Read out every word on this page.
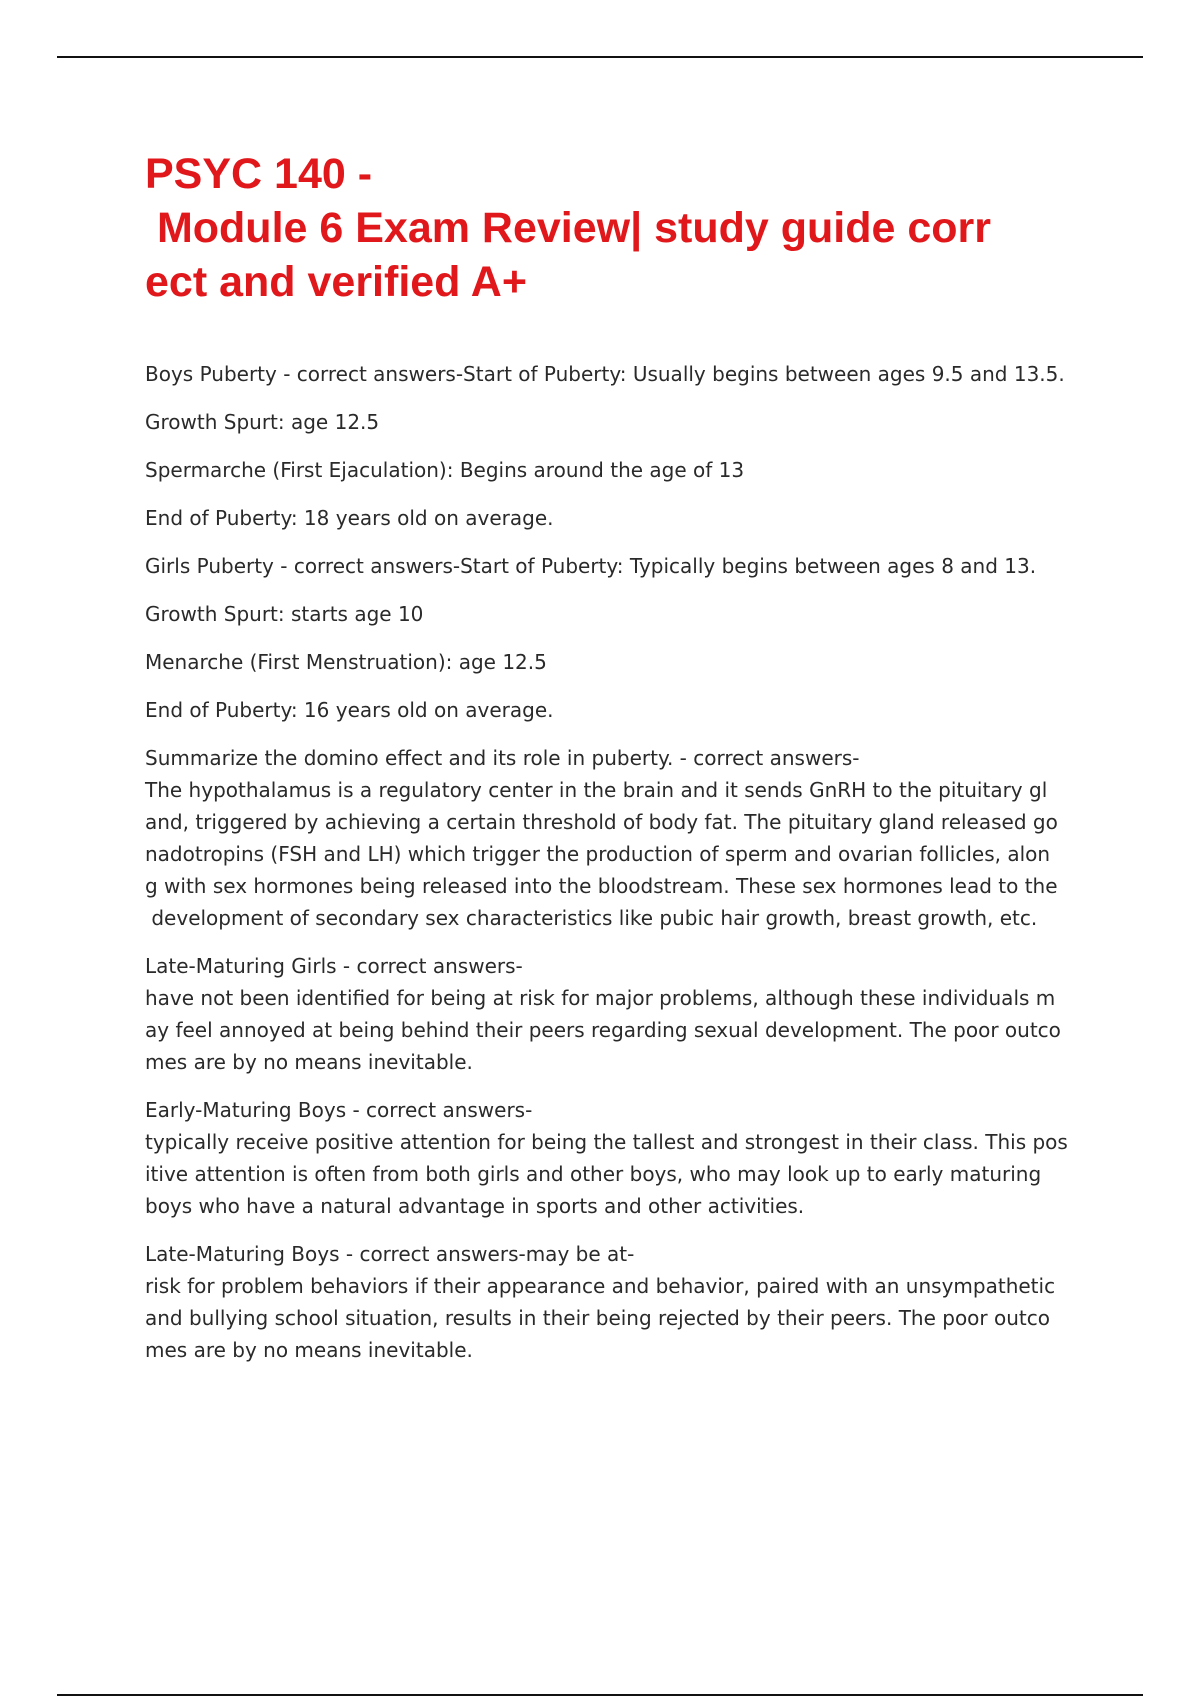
PSYC 140 -
Module 6 Exam Review| study guide corr
ect and verified A+

Boys Puberty - correct answers-Start of Puberty: Usually begins between ages 9.5 and 13.5.

Growth Spurt: age 12.5

Spermarche (First Ejaculation): Begins around the age of 13

End of Puberty: 18 years old on average.

Girls Puberty - correct answers-Start of Puberty: Typically begins between ages 8 and 13.

Growth Spurt: starts age 10

Menarche (First Menstruation): age 12.5

End of Puberty: 16 years old on average.

Summarize the domino effect and its role in puberty. - correct answers-
The hypothalamus is a regulatory center in the brain and it sends GnRH to the pituitary gl
and, triggered by achieving a certain threshold of body fat. The pituitary gland released go
nadotropins (FSH and LH) which trigger the production of sperm and ovarian follicles, alon
g with sex hormones being released into the bloodstream. These sex hormones lead to the
development of secondary sex characteristics like pubic hair growth, breast growth, etc.

Late-Maturing Girls - correct answers-
have not been identified for being at risk for major problems, although these individuals m
ay feel annoyed at being behind their peers regarding sexual development. The poor outco
mes are by no means inevitable.

Early-Maturing Boys - correct answers-
typically receive positive attention for being the tallest and strongest in their class. This pos
itive attention is often from both girls and other boys, who may look up to early maturing
boys who have a natural advantage in sports and other activities.

Late-Maturing Boys - correct answers-may be at-
risk for problem behaviors if their appearance and behavior, paired with an unsympathetic
and bullying school situation, results in their being rejected by their peers. The poor outco
mes are by no means inevitable.
